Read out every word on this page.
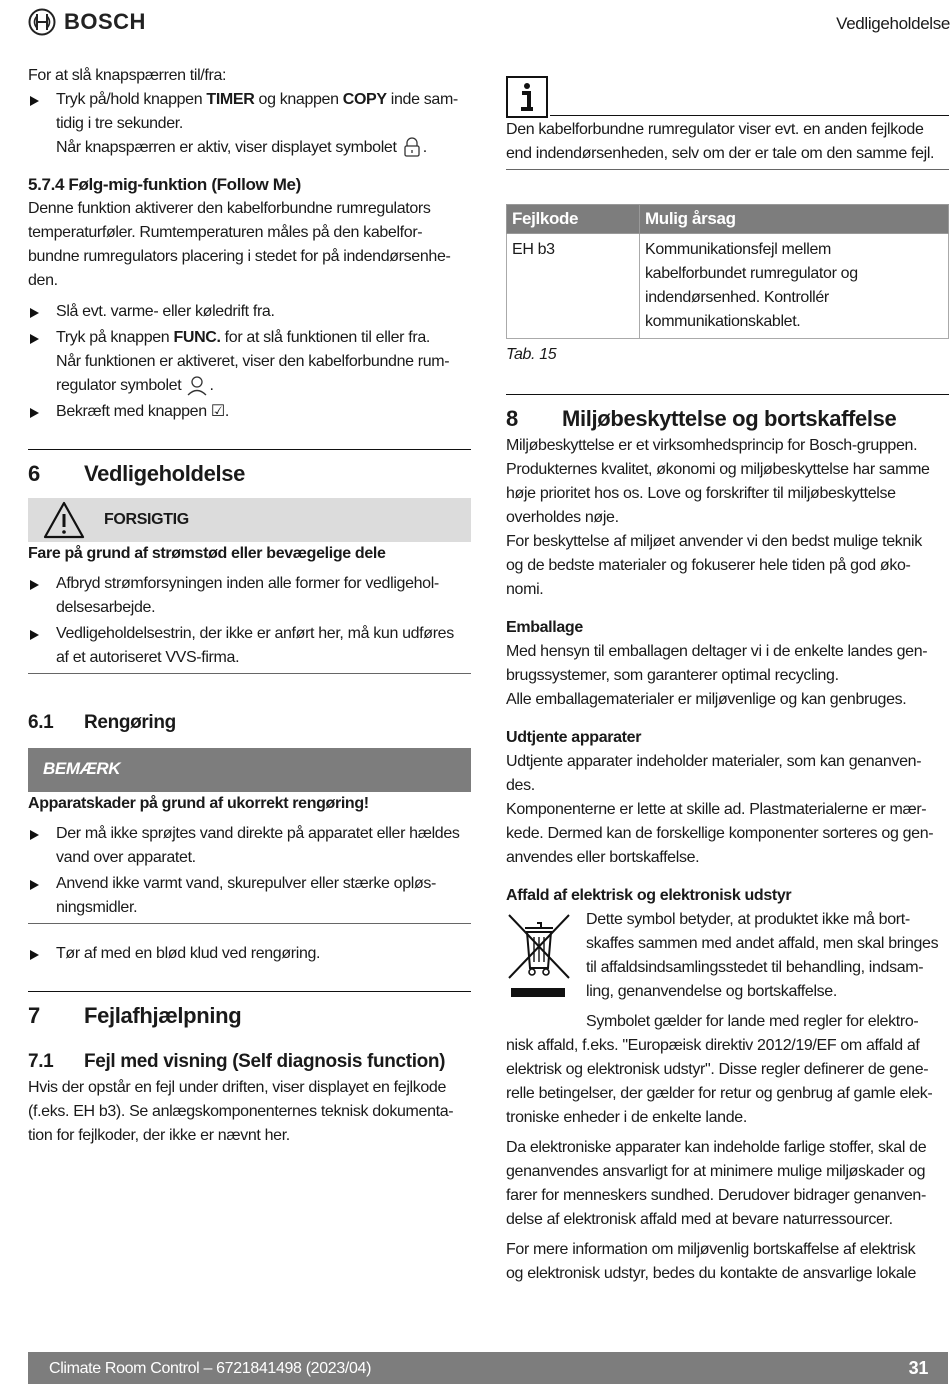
BOSCH	Vedligeholdelse

For at slå knapspærren til/fra:

Tryk på/hold knappen TIMER og knappen COPY inde sam-
tidig i tre sekunder.
Når knapspærren er aktiv, viser displayet symbolet .
5.7.4 Følg-mig-funktion (Follow Me)

Denne funktion aktiverer den kabelforbundne rumregulators

temperaturføler. Rumtemperaturen måles på den kabelfor-

bundne rumregulators placering i stedet for på indendørsenhe-

den.

Slå evt. varme- eller køledrift fra.
Tryk på knappen FUNC. for at slå funktionen til eller fra.
Når funktionen er aktiveret, viser den kabelforbundne rum-
regulator symbolet .
Bekræft med knappen ☑.
6	Vedligeholdelse
FORSIGTIG
Fare på grund af strømstød eller bevægelige dele
Afbryd strømforsyningen inden alle former for vedligehol-
delsesarbejde.
Vedligeholdelsestrin, der ikke er anført her, må kun udføres
af et autoriseret VVS-firma.
6.1	Rengøring
BEMÆRK
Apparatskader på grund af ukorrekt rengøring!
Der må ikke sprøjtes vand direkte på apparatet eller hældes
vand over apparatet.
Anvend ikke varmt vand, skurepulver eller stærke opløs-
ningsmidler.
Tør af med en blød klud ved rengøring.
7	Fejlafhjælpning
7.1	Fejl med visning (Self diagnosis function)

Hvis der opstår en fejl under driften, viser displayet en fejlkode

(f.eks. EH b3). Se anlægskomponenternes teknisk dokumenta-

tion for fejlkoder, der ikke er nævnt her.

Den kabelforbundne rumregulator viser evt. en anden fejlkode

end indendørsenheden, selv om der er tale om den samme fejl.

Fejlkode	Mulig årsag
EH b3	Kommunikationsfejl mellem
kabelforbundet rumregulator og
indendørsenhed. Kontrollér
kommunikationskablet.

Tab. 15

8	Miljøbeskyttelse og bortskaffelse

Miljøbeskyttelse er et virksomhedsprincip for Bosch-gruppen.

Produkternes kvalitet, økonomi og miljøbeskyttelse har samme

høje prioritet hos os. Love og forskrifter til miljøbeskyttelse

overholdes nøje.

For beskyttelse af miljøet anvender vi den bedst mulige teknik

og de bedste materialer og fokuserer hele tiden på god øko-

nomi.

Emballage

Med hensyn til emballagen deltager vi i de enkelte landes gen-

brugssystemer, som garanterer optimal recycling.

Alle emballagematerialer er miljøvenlige og kan genbruges.

Udtjente apparater

Udtjente apparater indeholder materialer, som kan genanven-

des.

Komponenterne er lette at skille ad. Plastmaterialerne er mær-

kede. Dermed kan de forskellige komponenter sorteres og gen-

anvendes eller bortskaffelse.

Affald af elektrisk og elektronisk udstyr

Dette symbol betyder, at produktet ikke må bort-

skaffes sammen med andet affald, men skal bringes

til affaldsindsamlingsstedet til behandling, indsam-

ling, genanvendelse og bortskaffelse.

Symbolet gælder for lande med regler for elektro-

nisk affald, f.eks. "Europæisk direktiv 2012/19/EF om affald af

elektrisk og elektronisk udstyr". Disse regler definerer de gene-

relle betingelser, der gælder for retur og genbrug af gamle elek-

troniske enheder i de enkelte lande.

Da elektroniske apparater kan indeholde farlige stoffer, skal de

genanvendes ansvarligt for at minimere mulige miljøskader og

farer for menneskers sundhed. Derudover bidrager genanven-

delse af elektronisk affald med at bevare naturressourcer.

For mere information om miljøvenlig bortskaffelse af elektrisk

og elektronisk udstyr, bedes du kontakte de ansvarlige lokale

Climate Room Control – 6721841498 (2023/04)	31
